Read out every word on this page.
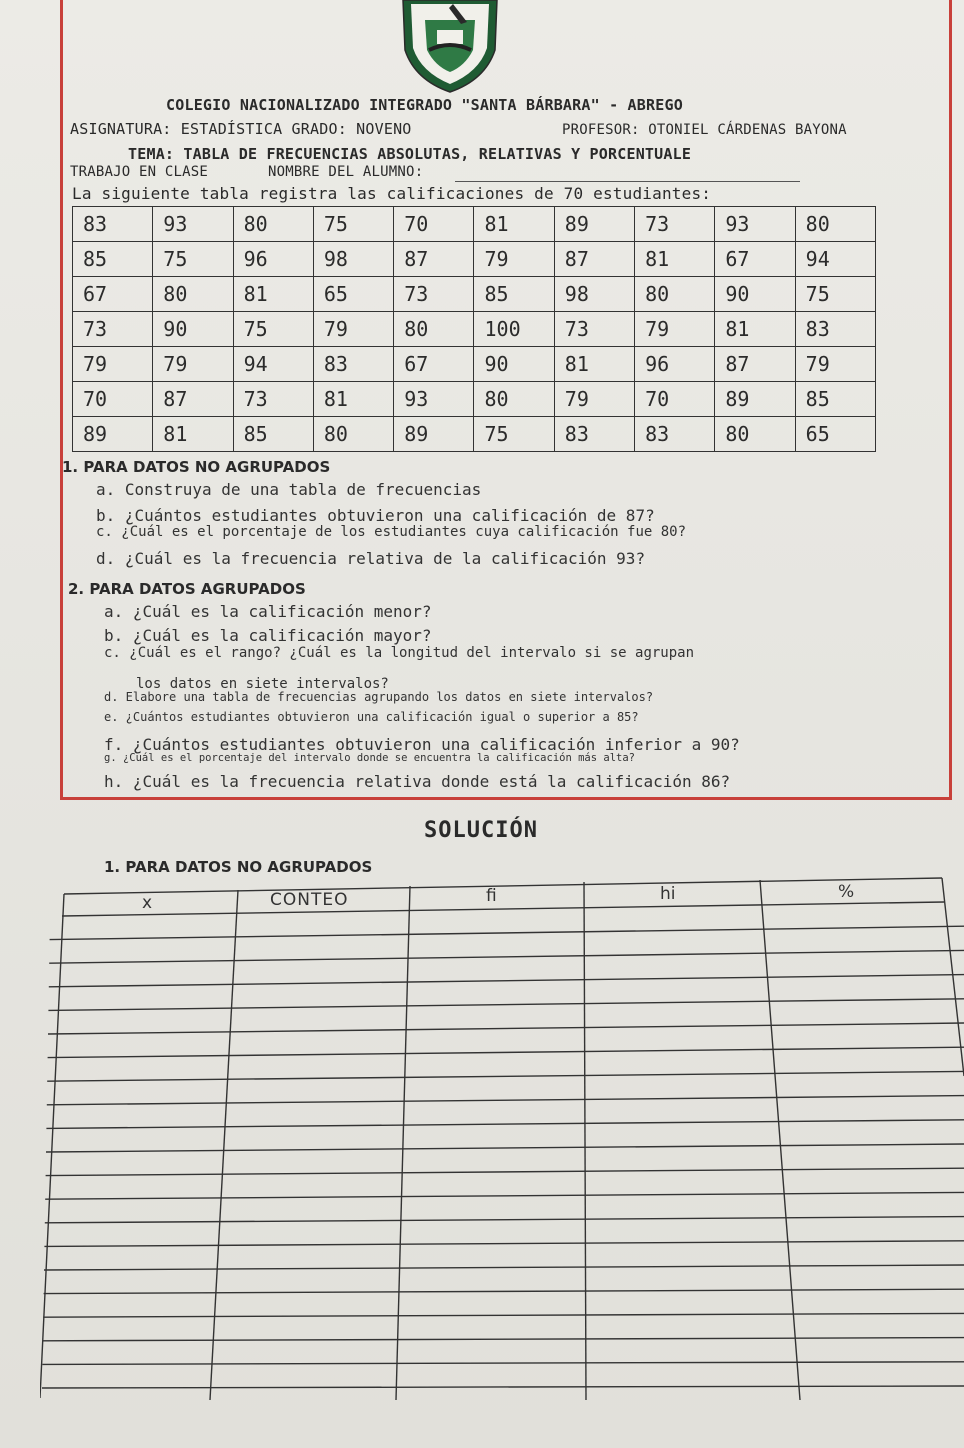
COLEGIO NACIONALIZADO INTEGRADO "SANTA BÁRBARA" - ABREGO
ASIGNATURA: ESTADÍSTICA GRADO: NOVENO	PROFESOR: OTONIEL CÁRDENAS BAYONA
TEMA: TABLA DE FRECUENCIAS ABSOLUTAS, RELATIVAS Y PORCENTUALE
TRABAJO EN CLASE	NOMBRE DEL ALUMNO:
La siguiente tabla registra las calificaciones de 70 estudiantes:
83	93	80	75	70	81	89	73	93	80
85	75	96	98	87	79	87	81	67	94
67	80	81	65	73	85	98	80	90	75
73	90	75	79	80	100	73	79	81	83
79	79	94	83	67	90	81	96	87	79
70	87	73	81	93	80	79	70	89	85
89	81	85	80	89	75	83	83	80	65
1. PARA DATOS NO AGRUPADOS
a. Construya de una tabla de frecuencias
b. ¿Cuántos estudiantes obtuvieron una calificación de 87?
c. ¿Cuál es el porcentaje de los estudiantes cuya calificación fue 80?
d. ¿Cuál es la frecuencia relativa de la calificación 93?
2. PARA DATOS AGRUPADOS
a. ¿Cuál es la calificación menor?
b. ¿Cuál es la calificación mayor?
c. ¿Cuál es el rango? ¿Cuál es la longitud del intervalo si se agrupan
los datos en siete intervalos?
d. Elabore una tabla de frecuencias agrupando los datos en siete intervalos?
e. ¿Cuántos estudiantes obtuvieron una calificación igual o superior a 85?
f. ¿Cuántos estudiantes obtuvieron una calificación inferior a 90?
g. ¿Cuál es el porcentaje del intervalo donde se encuentra la calificación más alta?
h. ¿Cuál es la frecuencia relativa donde está la calificación 86?
SOLUCIÓN
1. PARA DATOS NO AGRUPADOS
x	CONTEO	fi	hi	%
